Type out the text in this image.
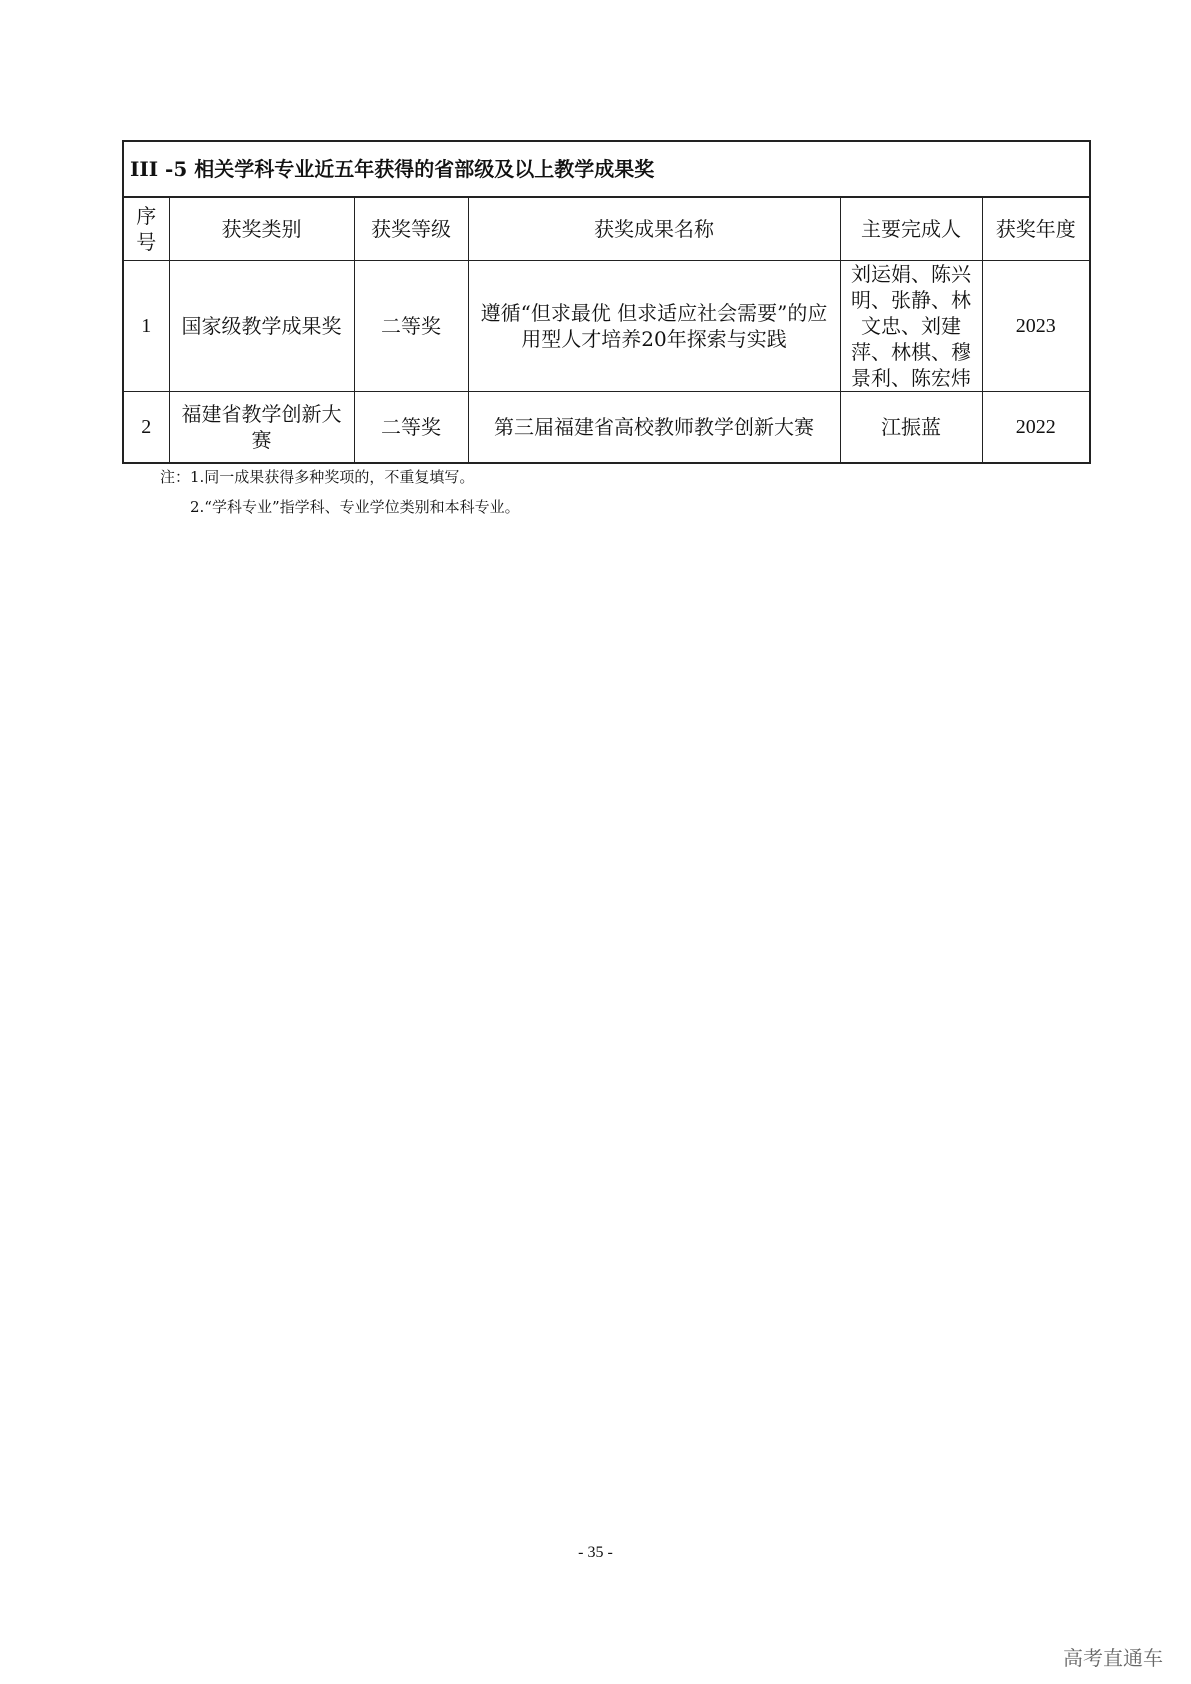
III -5 相关学科专业近五年获得的省部级及以上教学成果奖					
序号	获奖类别	获奖等级	获奖成果名称	主要完成人	获奖年度
1	国家级教学成果奖	二等奖	遵循“但求最优 但求适应社会需要”的应用型人才培养20年探索与实践	刘运娟、陈兴明、张静、林文忠、刘建萍、林棋、穆景利、陈宏炜	2023
2	福建省教学创新大赛	二等奖	第三届福建省高校教师教学创新大赛	江振蓝	2022
注：1.同一成果获得多种奖项的，不重复填写。
2.“学科专业”指学科、专业学位类别和本科专业。
- 35 -
高考直通车
